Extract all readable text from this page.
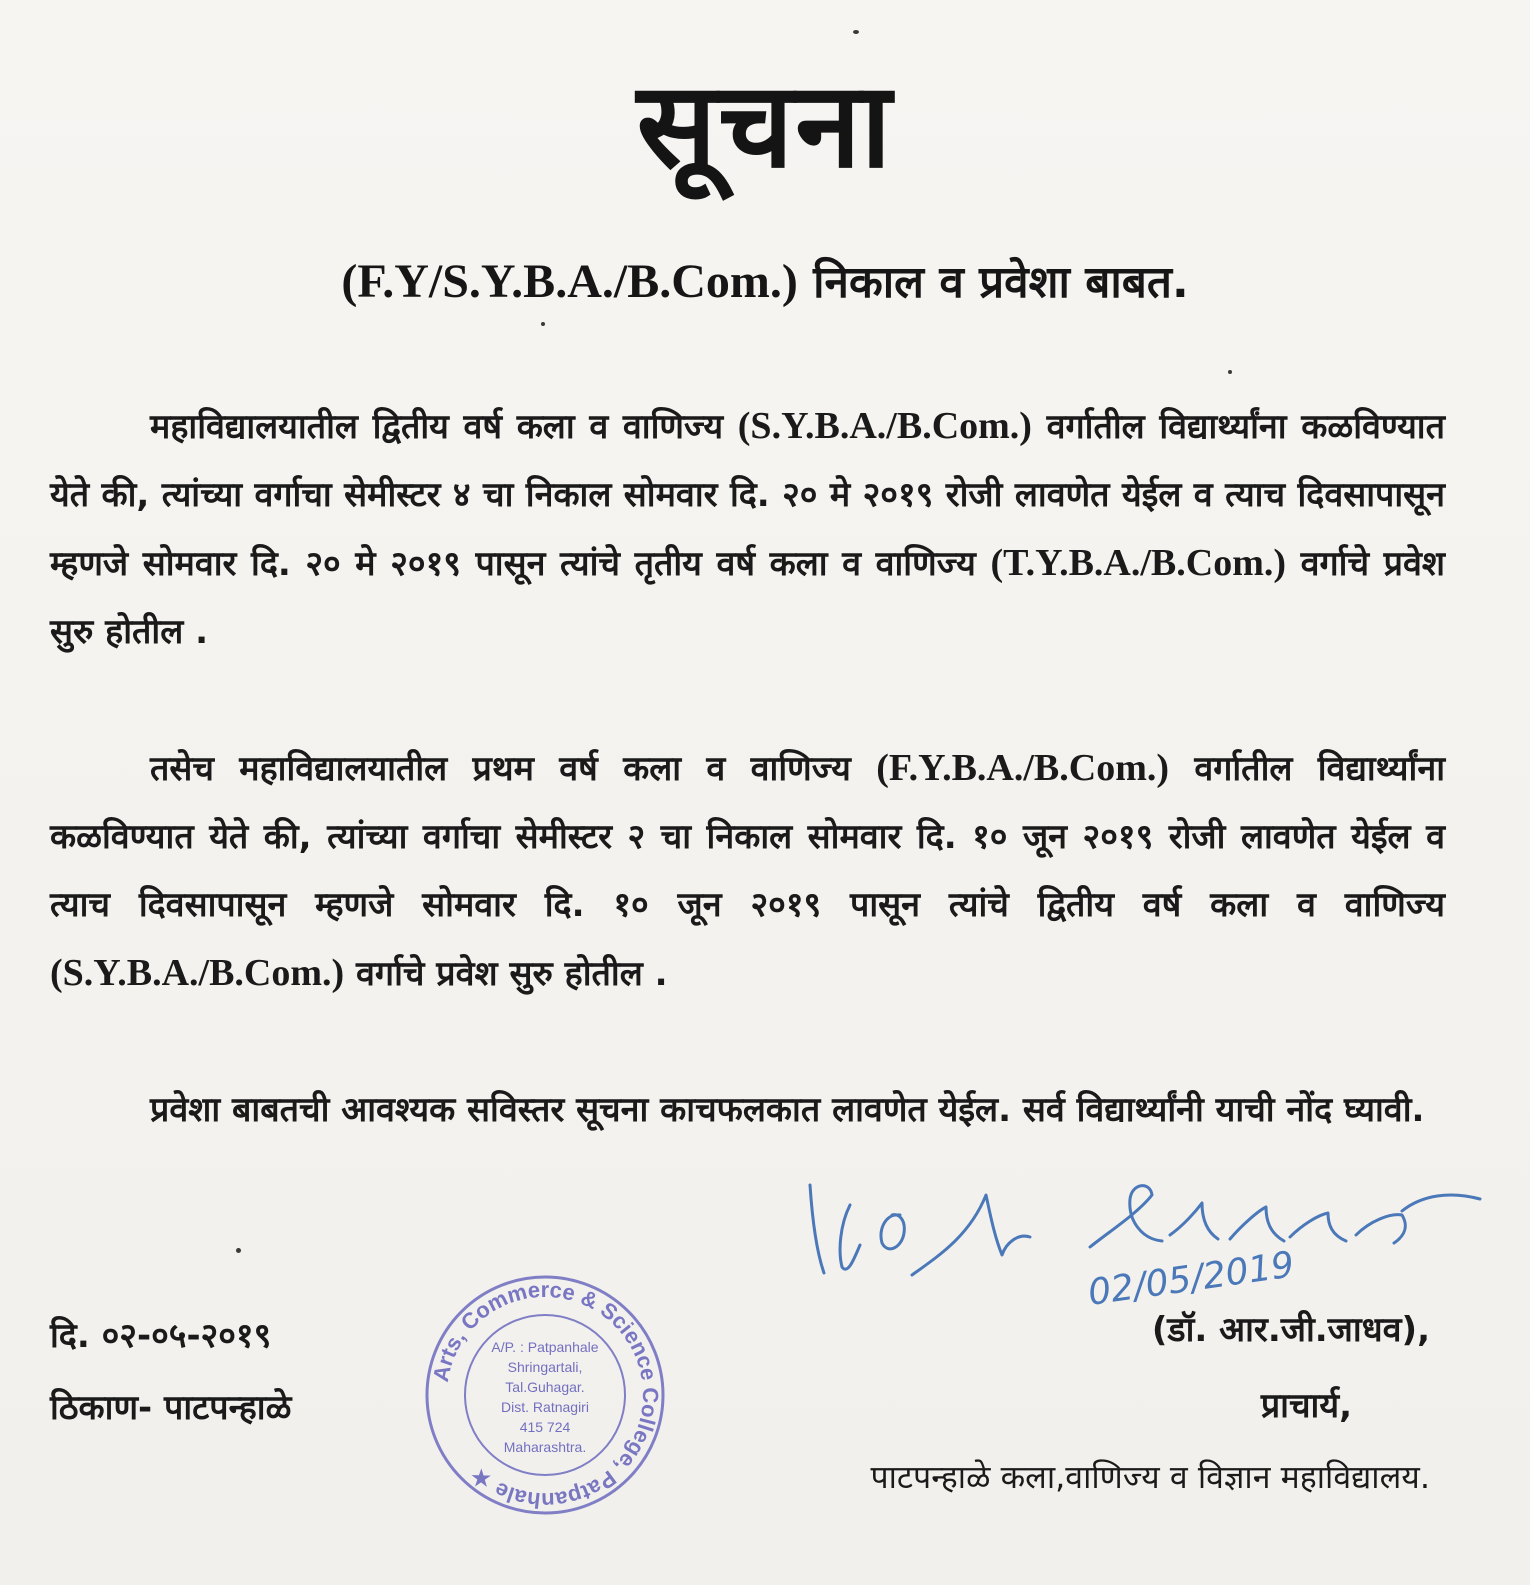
सूचना
(F.Y/S.Y.B.A./B.Com.) निकाल व प्रवेशा बाबत.
महाविद्यालयातील द्वितीय वर्ष कला व वाणिज्य (S.Y.B.A./B.Com.) वर्गातील विद्यार्थ्यांना कळविण्यात येते की, त्यांच्या वर्गाचा सेमीस्टर ४ चा निकाल सोमवार दि. २० मे २०१९ रोजी लावणेत येईल व त्याच दिवसापासून म्हणजे सोमवार दि. २० मे २०१९ पासून त्यांचे तृतीय वर्ष कला व वाणिज्य (T.Y.B.A./B.Com.) वर्गाचे प्रवेश सुरु होतील .
तसेच महाविद्यालयातील प्रथम वर्ष कला व वाणिज्य (F.Y.B.A./B.Com.) वर्गातील विद्यार्थ्यांना कळविण्यात येते की, त्यांच्या वर्गाचा सेमीस्टर २ चा निकाल सोमवार दि. १० जून २०१९ रोजी लावणेत येईल व त्याच दिवसापासून म्हणजे सोमवार दि. १० जून २०१९ पासून त्यांचे द्वितीय वर्ष कला व वाणिज्य (S.Y.B.A./B.Com.) वर्गाचे प्रवेश सुरु होतील .
प्रवेशा बाबतची आवश्यक सविस्तर सूचना काचफलकात लावणेत येईल. सर्व विद्यार्थ्यांनी याची नोंद घ्यावी.
02/05/2019
Arts, Commerce & Science College, Patpanhale ★
A/P. : Patpanhale
Shringartali,
Tal.Guhagar.
Dist. Ratnagiri
415 724
Maharashtra.
दि. ०२-०५-२०१९
ठिकाण- पाटपन्हाळे
(डॉ. आर.जी.जाधव),
प्राचार्य,
पाटपन्हाळे कला,वाणिज्य व विज्ञान महाविद्यालय.
